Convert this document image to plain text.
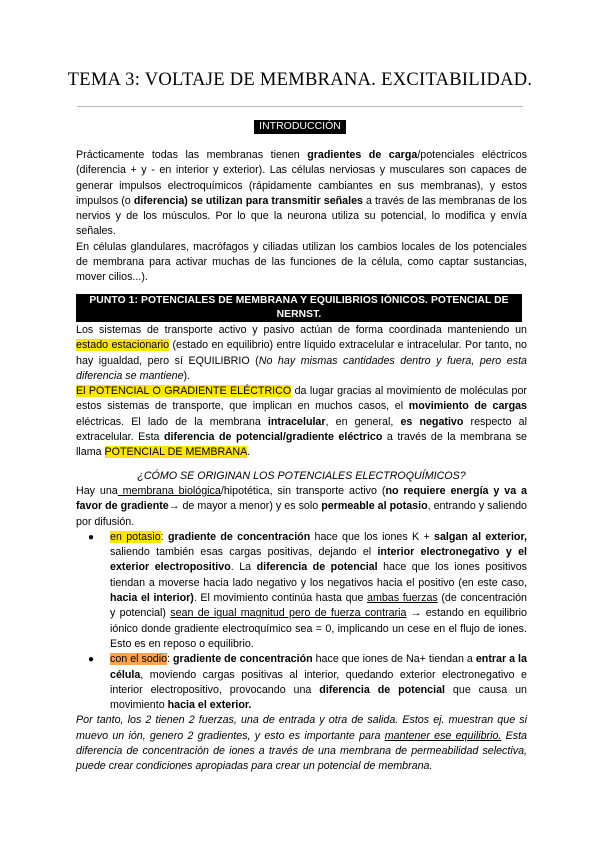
TEMA 3: VOLTAJE DE MEMBRANA. EXCITABILIDAD.
INTRODUCCIÓN

Prácticamente todas las membranas tienen gradientes de carga/potenciales eléctricos (diferencia + y - en interior y exterior). Las células nerviosas y musculares son capaces de generar impulsos electroquímicos (rápidamente cambiantes en sus membranas), y estos impulsos (o diferencia) se utilizan para transmitir señales a través de las membranas de los nervios y de los músculos. Por lo que la neurona utiliza su potencial, lo modifica y envía señales.

En células glandulares, macrófagos y ciliadas utilizan los cambios locales de los potenciales de membrana para activar muchas de las funciones de la célula, como captar sustancias, mover cilios...).

PUNTO 1: POTENCIALES DE MEMBRANA Y EQUILIBRIOS IÓNICOS. POTENCIAL DE NERNST.

Los sistemas de transporte activo y pasivo actúan de forma coordinada manteniendo un estado estacionario (estado en equilibrio) entre líquido extracelular e intracelular. Por tanto, no hay igualdad, pero sí EQUILIBRIO (No hay mismas cantidades dentro y fuera, pero esta diferencia se mantiene).

El POTENCIAL O GRADIENTE ELÉCTRICO da lugar gracias al movimiento de moléculas por estos sistemas de transporte, que implican en muchos casos, el movimiento de cargas eléctricas. El lado de la membrana intracelular, en general, es negativo respecto al extracelular. Esta diferencia de potencial/gradiente eléctrico a través de la membrana se llama POTENCIAL DE MEMBRANA.

¿CÓMO SE ORIGINAN LOS POTENCIALES ELECTROQUÍMICOS?

Hay una membrana biológica/hipotética, sin transporte activo (no requiere energía y va a favor de gradiente→ de mayor a menor) y es solo permeable al potasio, entrando y saliendo por difusión.

● en potasio: gradiente de concentración hace que los iones K + salgan al exterior, saliendo también esas cargas positivas, dejando el interior electronegativo y el exterior electropositivo. La diferencia de potencial hace que los iones positivos tiendan a moverse hacia lado negativo y los negativos hacia el positivo (en este caso, hacia el interior). El movimiento continúa hasta que ambas fuerzas (de concentración y potencial) sean de igual magnitud pero de fuerza contraria → estando en equilibrio iónico donde gradiente electroquímico sea = 0, implicando un cese en el flujo de iones. Esto es en reposo o equilibrio.
● con el sodio: gradiente de concentración hace que iones de Na+ tiendan a entrar a la célula, moviendo cargas positivas al interior, quedando exterior electronegativo e interior electropositivo, provocando una diferencia de potencial que causa un movimiento hacia el exterior.

Por tanto, los 2 tienen 2 fuerzas, una de entrada y otra de salida. Estos ej. muestran que si muevo un ión, genero 2 gradientes, y esto es importante para mantener ese equilibrio. Esta diferencia de concentración de iones a través de una membrana de permeabilidad selectiva, puede crear condiciones apropiadas para crear un potencial de membrana.
